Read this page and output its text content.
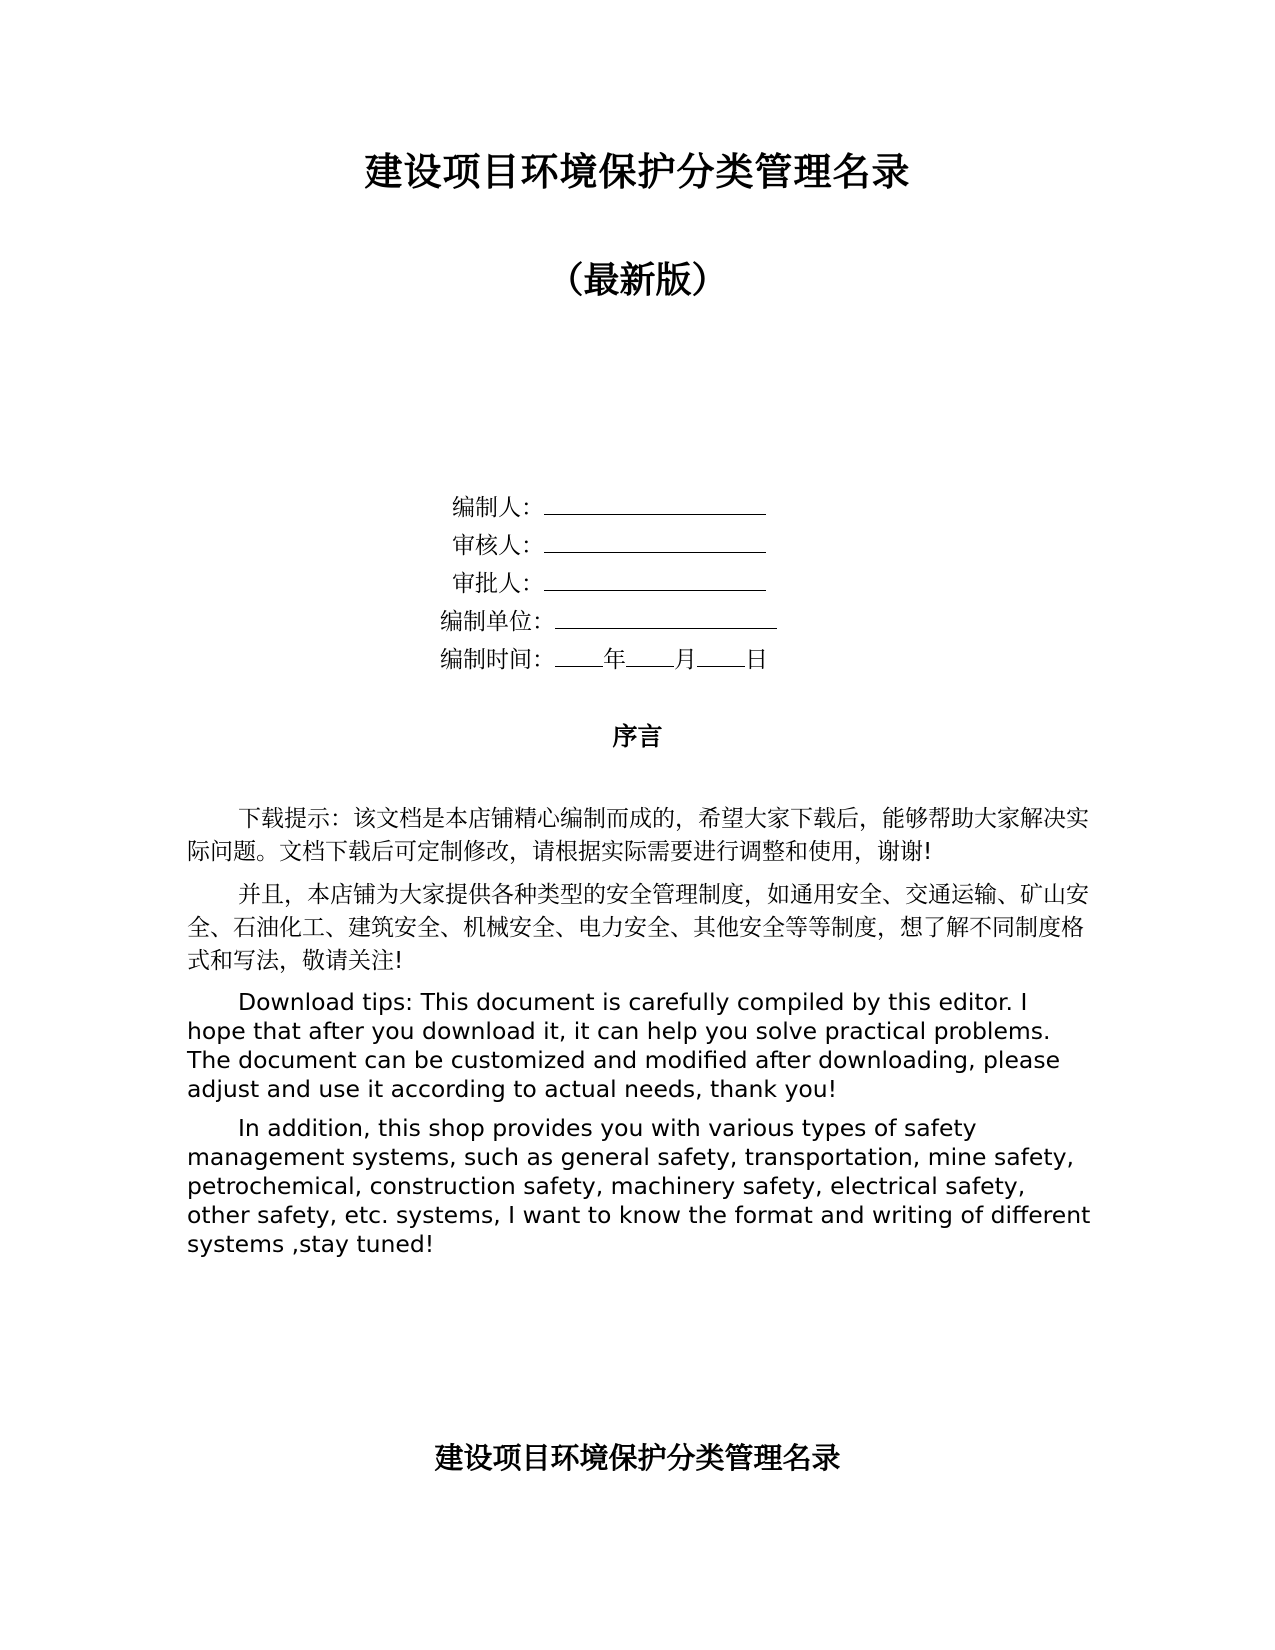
建设项目环境保护分类管理名录
（最新版）
编制人：
审核人：
审批人：
编制单位：
编制时间： 年 月 日
序言

下载提示：该文档是本店铺精心编制而成的，希望大家下载后，能够帮助大家解决实际问题。文档下载后可定制修改，请根据实际需要进行调整和使用，谢谢!

并且，本店铺为大家提供各种类型的安全管理制度，如通用安全、交通运输、矿山安全、石油化工、建筑安全、机械安全、电力安全、其他安全等等制度，想了解不同制度格式和写法，敬请关注!

Download tips: This document is carefully compiled by this editor. I hope that after you download it, it can help you solve practical problems. The document can be customized and modified after downloading, please adjust and use it according to actual needs, thank you!

In addition, this shop provides you with various types of safety management systems, such as general safety, transportation, mine safety, petrochemical, construction safety, machinery safety, electrical safety, other safety, etc. systems, I want to know the format and writing of different systems ,stay tuned!

建设项目环境保护分类管理名录
